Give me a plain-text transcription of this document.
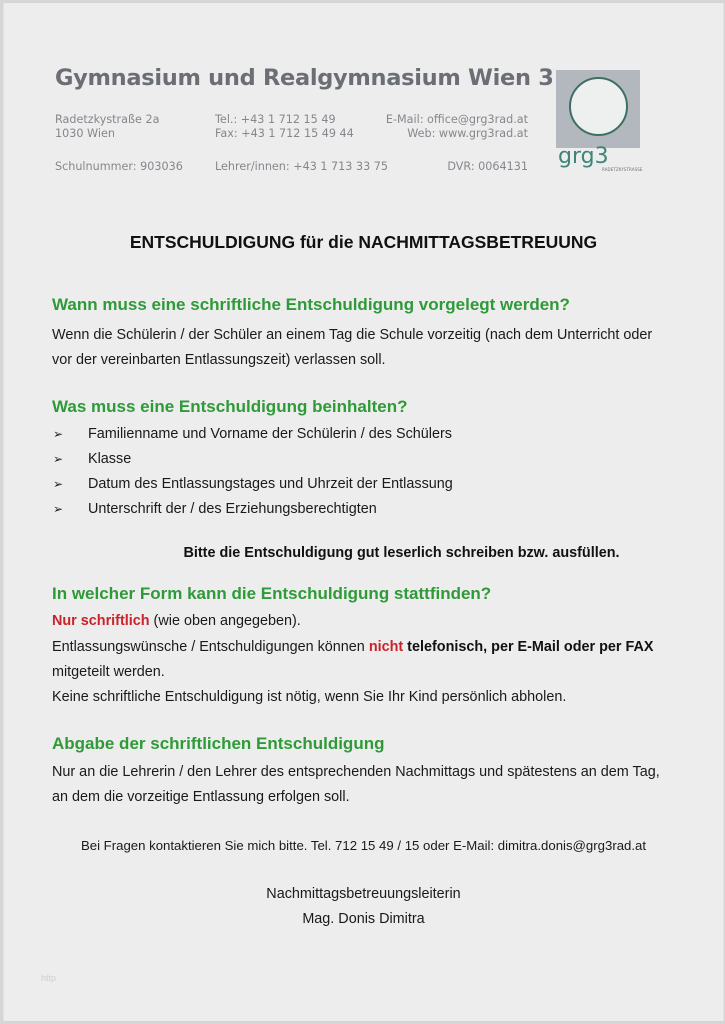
Gymnasium und Realgymnasium Wien 3
Radetzkystraße 2a
1030 Wien
Tel.: +43 1 712 15 49
Fax: +43 1 712 15 49 44
E-Mail: office@grg3rad.at
Web: www.grg3rad.at
Schulnummer: 903036	Lehrer/innen: +43 1 713 33 75	DVR: 0064131 grg3
RADETZKYSTRASSE
ENTSCHULDIGUNG für die NACHMITTAGSBETREUUNG
Wann muss eine schriftliche Entschuldigung vorgelegt werden?
Wenn die Schülerin / der Schüler an einem Tag die Schule vorzeitig (nach dem Unterricht oder
vor der vereinbarten Entlassungszeit) verlassen soll.
Was muss eine Entschuldigung beinhalten?
➢ Familienname und Vorname der Schülerin / des Schülers
➢ Klasse
➢ Datum des Entlassungstages und Uhrzeit der Entlassung
➢ Unterschrift der / des Erziehungsberechtigten
Bitte die Entschuldigung gut leserlich schreiben bzw. ausfüllen.
In welcher Form kann die Entschuldigung stattfinden?
Nur schriftlich (wie oben angegeben).
Entlassungswünsche / Entschuldigungen können nicht telefonisch, per E-Mail oder per FAX
mitgeteilt werden.
Keine schriftliche Entschuldigung ist nötig, wenn Sie Ihr Kind persönlich abholen.
Abgabe der schriftlichen Entschuldigung
Nur an die Lehrerin / den Lehrer des entsprechenden Nachmittags und spätestens an dem Tag,
an dem die vorzeitige Entlassung erfolgen soll.
Bei Fragen kontaktieren Sie mich bitte. Tel. 712 15 49 / 15 oder E-Mail: dimitra.donis@grg3rad.at
Nachmittagsbetreuungsleiterin
Mag. Donis Dimitra
http
